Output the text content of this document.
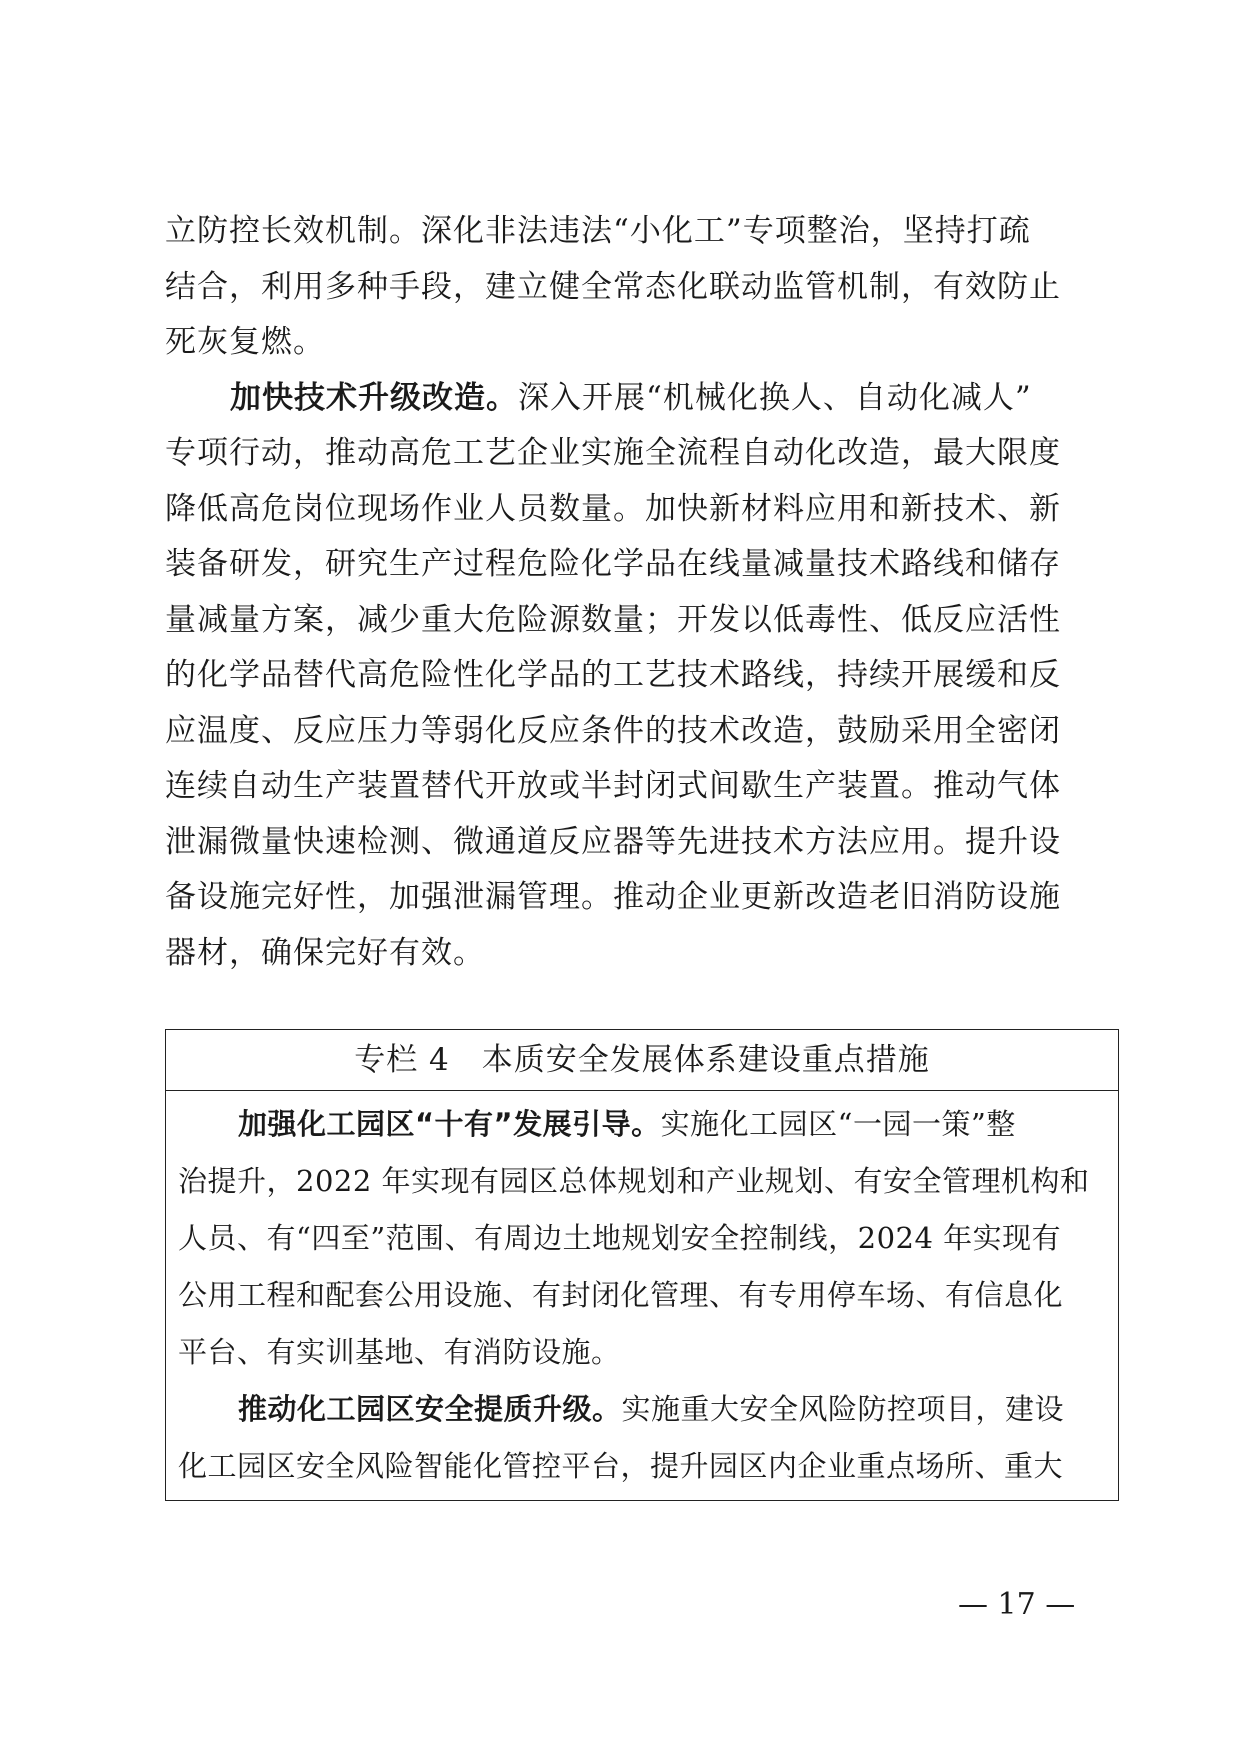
立防控长效机制。深化非法违法“小化工”专项整治，坚持打疏
结合，利用多种手段，建立健全常态化联动监管机制，有效防止
死灰复燃。
加快技术升级改造。深入开展“机械化换人、自动化减人”
专项行动，推动高危工艺企业实施全流程自动化改造，最大限度
降低高危岗位现场作业人员数量。加快新材料应用和新技术、新
装备研发，研究生产过程危险化学品在线量减量技术路线和储存
量减量方案，减少重大危险源数量；开发以低毒性、低反应活性
的化学品替代高危险性化学品的工艺技术路线，持续开展缓和反
应温度、反应压力等弱化反应条件的技术改造，鼓励采用全密闭
连续自动生产装置替代开放或半封闭式间歇生产装置。推动气体
泄漏微量快速检测、微通道反应器等先进技术方法应用。提升设
备设施完好性，加强泄漏管理。推动企业更新改造老旧消防设施
器材，确保完好有效。
专栏 4　本质安全发展体系建设重点措施
加强化工园区“十有”发展引导。实施化工园区“一园一策”整
治提升，2022 年实现有园区总体规划和产业规划、有安全管理机构和
人员、有“四至”范围、有周边土地规划安全控制线，2024 年实现有
公用工程和配套公用设施、有封闭化管理、有专用停车场、有信息化
平台、有实训基地、有消防设施。
推动化工园区安全提质升级。实施重大安全风险防控项目，建设
化工园区安全风险智能化管控平台，提升园区内企业重点场所、重大
— 17 —
